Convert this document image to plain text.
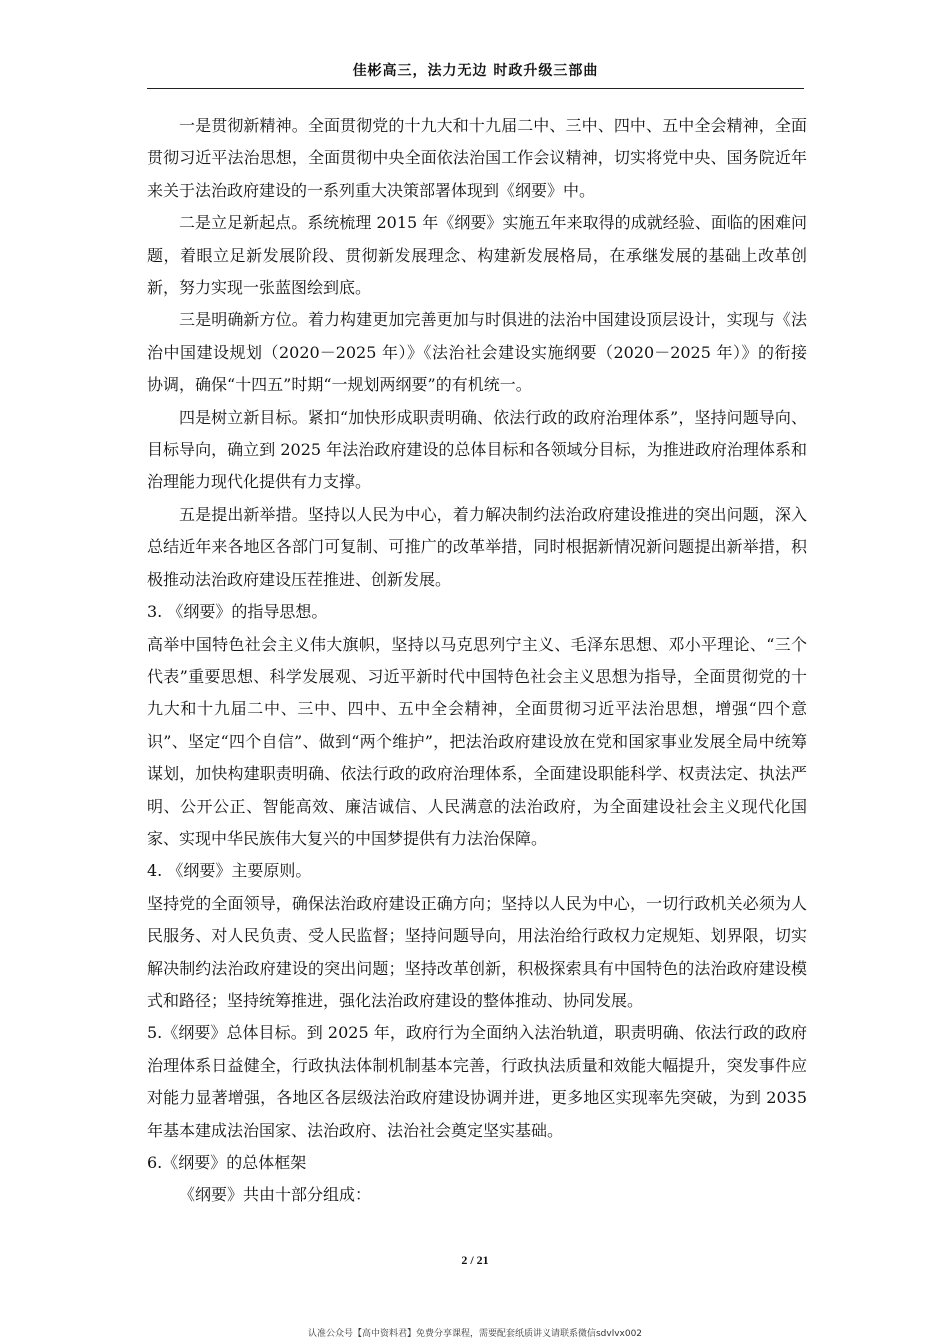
佳彬高三，法力无边 时政升级三部曲

一是贯彻新精神。全面贯彻党的十九大和十九届二中、三中、四中、五中全会精神，全面贯彻习近平法治思想，全面贯彻中央全面依法治国工作会议精神，切实将党中央、国务院近年来关于法治政府建设的一系列重大决策部署体现到《纲要》中。

二是立足新起点。系统梳理 2015 年《纲要》实施五年来取得的成就经验、面临的困难问题，着眼立足新发展阶段、贯彻新发展理念、构建新发展格局，在承继发展的基础上改革创新，努力实现一张蓝图绘到底。

三是明确新方位。着力构建更加完善更加与时俱进的法治中国建设顶层设计，实现与《法治中国建设规划（2020－2025 年）》《法治社会建设实施纲要（2020－2025 年）》的衔接协调，确保“十四五”时期“一规划两纲要”的有机统一。

四是树立新目标。紧扣“加快形成职责明确、依法行政的政府治理体系”，坚持问题导向、目标导向，确立到 2025 年法治政府建设的总体目标和各领域分目标，为推进政府治理体系和治理能力现代化提供有力支撑。

五是提出新举措。坚持以人民为中心，着力解决制约法治政府建设推进的突出问题，深入总结近年来各地区各部门可复制、可推广的改革举措，同时根据新情况新问题提出新举措，积极推动法治政府建设压茬推进、创新发展。

3. 《纲要》的指导思想。

高举中国特色社会主义伟大旗帜，坚持以马克思列宁主义、毛泽东思想、邓小平理论、“三个代表”重要思想、科学发展观、习近平新时代中国特色社会主义思想为指导，全面贯彻党的十九大和十九届二中、三中、四中、五中全会精神，全面贯彻习近平法治思想，增强“四个意识”、坚定“四个自信”、做到“两个维护”，把法治政府建设放在党和国家事业发展全局中统筹谋划，加快构建职责明确、依法行政的政府治理体系，全面建设职能科学、权责法定、执法严明、公开公正、智能高效、廉洁诚信、人民满意的法治政府，为全面建设社会主义现代化国家、实现中华民族伟大复兴的中国梦提供有力法治保障。

4. 《纲要》主要原则。

坚持党的全面领导，确保法治政府建设正确方向；坚持以人民为中心，一切行政机关必须为人民服务、对人民负责、受人民监督；坚持问题导向，用法治给行政权力定规矩、划界限，切实解决制约法治政府建设的突出问题；坚持改革创新，积极探索具有中国特色的法治政府建设模式和路径；坚持统筹推进，强化法治政府建设的整体推动、协同发展。

5.《纲要》总体目标。到 2025 年，政府行为全面纳入法治轨道，职责明确、依法行政的政府治理体系日益健全，行政执法体制机制基本完善，行政执法质量和效能大幅提升，突发事件应对能力显著增强，各地区各层级法治政府建设协调并进，更多地区实现率先突破，为到 2035 年基本建成法治国家、法治政府、法治社会奠定坚实基础。

6.《纲要》的总体框架

《纲要》共由十部分组成：

2 / 21
认准公众号【高中资料君】免费分享课程，需要配套纸质讲义请联系微信sdvlvx002
